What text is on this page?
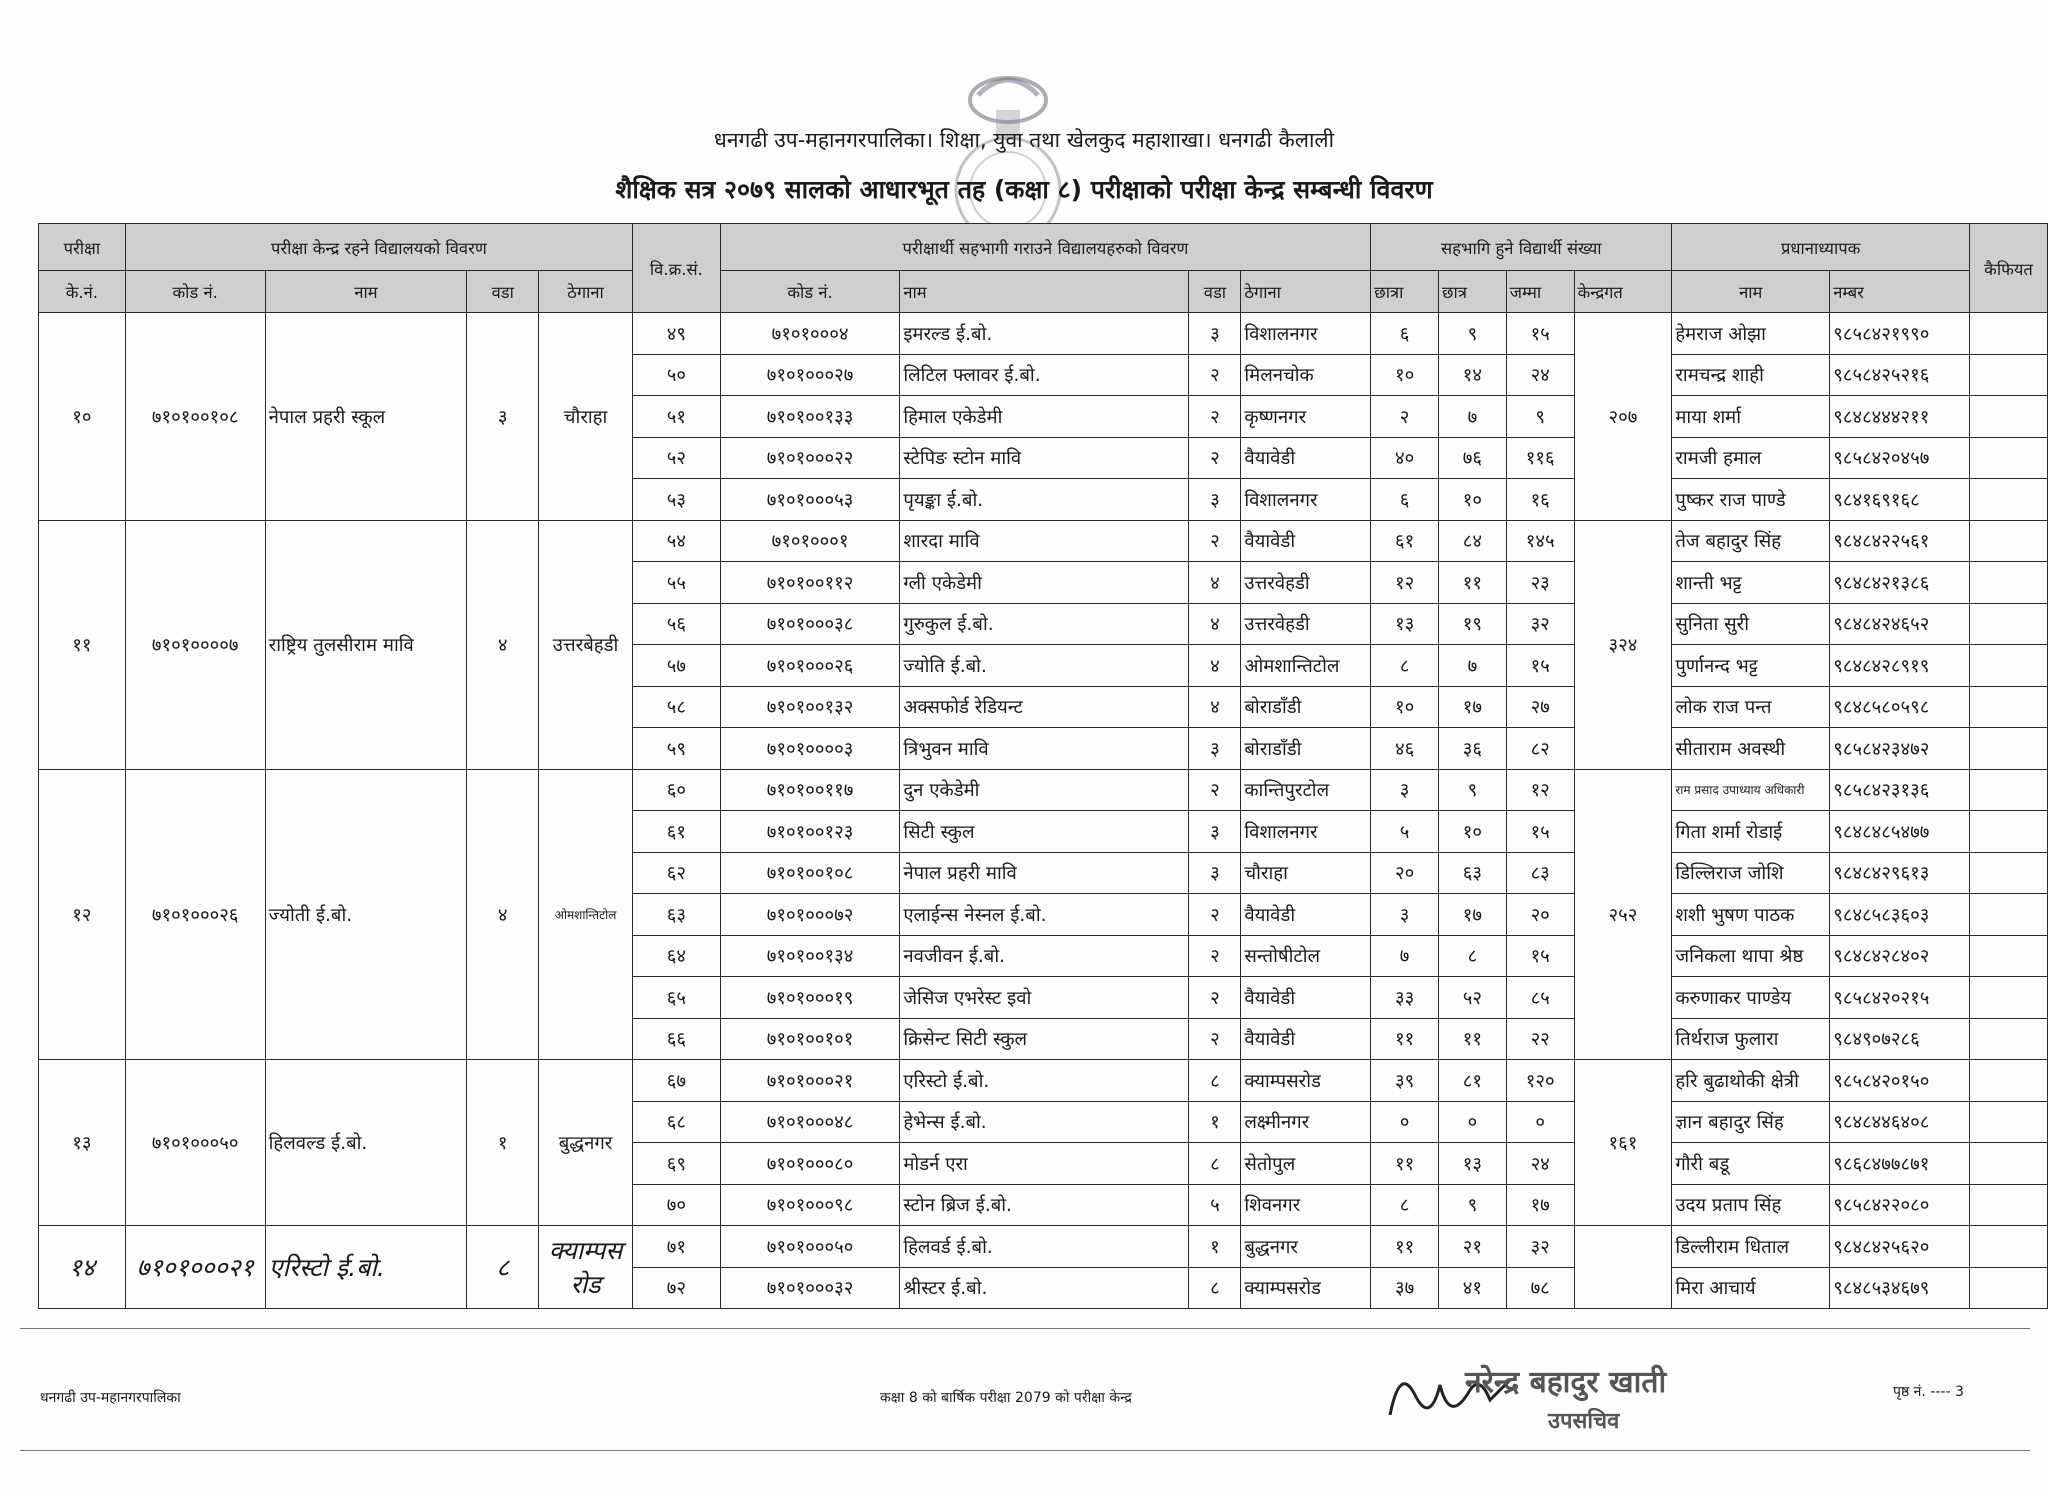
धनगढी उप-महानगरपालिका। शिक्षा, युवा तथा खेलकुद महाशाखा। धनगढी कैलाली
शैक्षिक सत्र २०७९ सालको आधारभूत तह (कक्षा ८) परीक्षाको परीक्षा केन्द्र सम्बन्धी विवरण
परीक्षा	परीक्षा केन्द्र रहने विद्यालयको विवरण				वि.क्र.सं.	परीक्षार्थी सहभागी गराउने विद्यालयहरुको विवरण				सहभागि हुने विद्यार्थी संख्या				प्रधानाध्यापक		कैफियत
के.नं.	कोड नं.	नाम	वडा	ठेगाना		कोड नं.	नाम	वडा	ठेगाना	छात्रा	छात्र	जम्मा	केन्द्रगत	नाम	नम्बर	
१०	७१०१००१०८	नेपाल प्रहरी स्कूल	३	चौराहा	४९	७१०१०००४	इमरल्ड ई.बो.	३	विशालनगर	६	९	१५	२०७	हेमराज ओझा	९८५८४२१९९०	
					५०	७१०१०००२७	लिटिल फ्लावर ई.बो.	२	मिलनचोक	१०	१४	२४		रामचन्द्र शाही	९८५८४२५२१६	
					५१	७१०१००१३३	हिमाल एकेडेमी	२	कृष्णनगर	२	७	९		माया शर्मा	९८४८४४४२११	
					५२	७१०१०००२२	स्टेपिङ स्टोन मावि	२	वैयावेडी	४०	७६	११६		रामजी हमाल	९८५८४२०४५७	
					५३	७१०१०००५३	पृयङ्का ई.बो.	३	विशालनगर	६	१०	१६		पुष्कर राज पाण्डे	९८४१६९१६८	
११	७१०१००००७	राष्ट्रिय तुलसीराम मावि	४	उत्तरबेहडी	५४	७१०१०००१	शारदा मावि	२	वैयावेडी	६१	८४	१४५	३२४	तेज बहादुर सिंह	९८४८४२२५६१	
					५५	७१०१००११२	ग्ली एकेडेमी	४	उत्तरवेहडी	१२	११	२३		शान्ती भट्ट	९८४८४२१३८६	
					५६	७१०१०००३८	गुरुकुल ई.बो.	४	उत्तरवेहडी	१३	१९	३२		सुनिता सुरी	९८४८४२४६५२	
					५७	७१०१०००२६	ज्योति ई.बो.	४	ओमशान्तिटोल	८	७	१५		पुर्णानन्द भट्ट	९८४८४२८९१९	
					५८	७१०१००१३२	अक्सफोर्ड रेडियन्ट	४	बोराडाँडी	१०	१७	२७		लोक राज पन्त	९८४८५८०५९८	
					५९	७१०१००००३	त्रिभुवन मावि	३	बोराडाँडी	४६	३६	८२		सीताराम अवस्थी	९८५८४२३४७२	
१२	७१०१०००२६	ज्योती ई.बो.	४	ओमशान्तिटोल	६०	७१०१००११७	दुन एकेडेमी	२	कान्तिपुरटोल	३	९	१२	२५२	राम प्रसाद उपाध्याय अधिकारी	९८५८४२३१३६	
					६१	७१०१००१२३	सिटी स्कुल	३	विशालनगर	५	१०	१५		गिता शर्मा रोडाई	९८४८४८५४७७	
					६२	७१०१००१०८	नेपाल प्रहरी मावि	३	चौराहा	२०	६३	८३		डिल्लिराज जोशि	९८४८४२९६१३	
					६३	७१०१०००७२	एलाईन्स नेस्नल ई.बो.	२	वैयावेडी	३	१७	२०		शशी भुषण पाठक	९८४८५८३६०३	
					६४	७१०१००१३४	नवजीवन ई.बो.	२	सन्तोषीटोल	७	८	१५		जनिकला थापा श्रेष्ठ	९८४८४२८४०२	
					६५	७१०१०००१९	जेसिज एभरेस्ट इवो	२	वैयावेडी	३३	५२	८५		करुणाकर पाण्डेय	९८५८४२०२१५	
					६६	७१०१००१०१	क्रिसेन्ट सिटी स्कुल	२	वैयावेडी	११	११	२२		तिर्थराज फुलारा	९८४९०७२८६	
१३	७१०१०००५०	हिलवल्ड ई.बो.	१	बुद्धनगर	६७	७१०१०००२१	एरिस्टो ई.बो.	८	क्याम्पसरोड	३९	८१	१२०	१६१	हरि बुढाथोकी क्षेत्री	९८५८४२०१५०	
					६८	७१०१०००४८	हेभेन्स ई.बो.	१	लक्ष्मीनगर	०	०	०		ज्ञान बहादुर सिंह	९८४८४४६४०८	
					६९	७१०१०००८०	मोडर्न एरा	८	सेतोपुल	११	१३	२४		गौरी बडू	९८६८४७७८७१	
					७०	७१०१०००९८	स्टोन ब्रिज ई.बो.	५	शिवनगर	८	९	१७		उदय प्रताप सिंह	९८५८४२२०८०	
१४	७१०१०००२१	एरिस्टो ई.बो.	८	क्याम्पस रोड	७१	७१०१०००५०	हिलवर्ड ई.बो.	१	बुद्धनगर	११	२१	३२		डिल्लीराम धिताल	९८४८४२५६२०	
					७२	७१०१०००३२	श्रीस्टर ई.बो.	८	क्याम्पसरोड	३७	४१	७८		मिरा आचार्य	९८४८५३४६७९	
धनगढी उप-महानगरपालिका	कक्षा 8 को बार्षिक परीक्षा 2079 को परीक्षा केन्द्र	पृष्ठ नं. ---- 3
नरेन्द्र बहादुर खाती
उपसचिव
